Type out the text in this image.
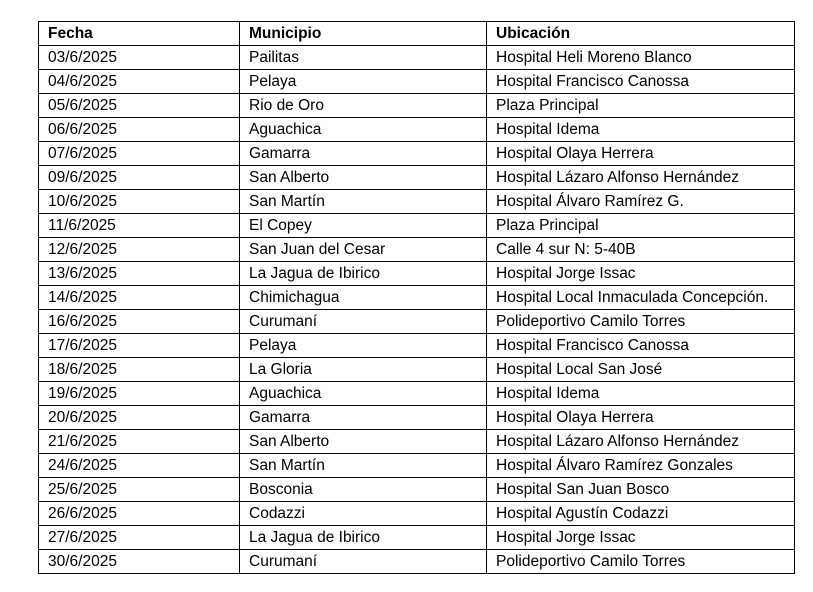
Fecha	Municipio	Ubicación
03/6/2025	Pailitas	Hospital Heli Moreno Blanco
04/6/2025	Pelaya	Hospital Francisco Canossa
05/6/2025	Rio de Oro	Plaza Principal
06/6/2025	Aguachica	Hospital Idema
07/6/2025	Gamarra	Hospital Olaya Herrera
09/6/2025	San Alberto	Hospital Lázaro Alfonso Hernández
10/6/2025	San Martín	Hospital Álvaro Ramírez G.
11/6/2025	El Copey	Plaza Principal
12/6/2025	San Juan del Cesar	Calle 4 sur N: 5-40B
13/6/2025	La Jagua de Ibirico	Hospital Jorge Issac
14/6/2025	Chimichagua	Hospital Local Inmaculada Concepción.
16/6/2025	Curumaní	Polideportivo Camilo Torres
17/6/2025	Pelaya	Hospital Francisco Canossa
18/6/2025	La Gloria	Hospital Local San José
19/6/2025	Aguachica	Hospital Idema
20/6/2025	Gamarra	Hospital Olaya Herrera
21/6/2025	San Alberto	Hospital Lázaro Alfonso Hernández
24/6/2025	San Martín	Hospital Álvaro Ramírez Gonzales
25/6/2025	Bosconia	Hospital San Juan Bosco
26/6/2025	Codazzi	Hospital Agustín Codazzi
27/6/2025	La Jagua de Ibirico	Hospital Jorge Issac
30/6/2025	Curumaní	Polideportivo Camilo Torres
